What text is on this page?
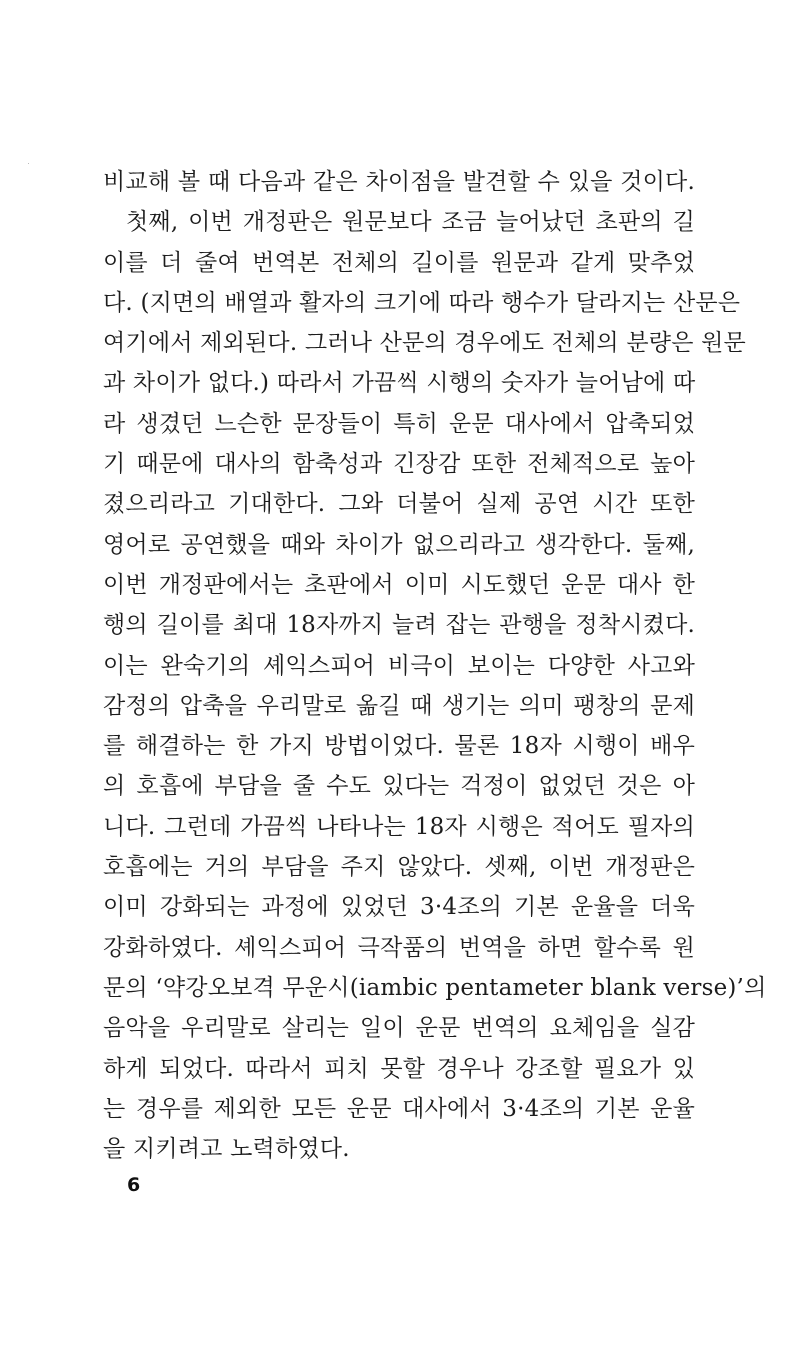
비교해 볼 때 다음과 같은 차이점을 발견할 수 있을 것이다.
첫째, 이번 개정판은 원문보다 조금 늘어났던 초판의 길
이를 더 줄여 번역본 전체의 길이를 원문과 같게 맞추었
다. (지면의 배열과 활자의 크기에 따라 행수가 달라지는 산문은
여기에서 제외된다. 그러나 산문의 경우에도 전체의 분량은 원문
과 차이가 없다.) 따라서 가끔씩 시행의 숫자가 늘어남에 따
라 생겼던 느슨한 문장들이 특히 운문 대사에서 압축되었
기 때문에 대사의 함축성과 긴장감 또한 전체적으로 높아
졌으리라고 기대한다. 그와 더불어 실제 공연 시간 또한
영어로 공연했을 때와 차이가 없으리라고 생각한다. 둘째,
이번 개정판에서는 초판에서 이미 시도했던 운문 대사 한
행의 길이를 최대 18자까지 늘려 잡는 관행을 정착시켰다.
이는 완숙기의 셰익스피어 비극이 보이는 다양한 사고와
감정의 압축을 우리말로 옮길 때 생기는 의미 팽창의 문제
를 해결하는 한 가지 방법이었다. 물론 18자 시행이 배우
의 호흡에 부담을 줄 수도 있다는 걱정이 없었던 것은 아
니다. 그런데 가끔씩 나타나는 18자 시행은 적어도 필자의
호흡에는 거의 부담을 주지 않았다. 셋째, 이번 개정판은
이미 강화되는 과정에 있었던 3·4조의 기본 운율을 더욱
강화하였다. 셰익스피어 극작품의 번역을 하면 할수록 원
문의 ‘약강오보격 무운시(iambic pentameter blank verse)’의
음악을 우리말로 살리는 일이 운문 번역의 요체임을 실감
하게 되었다. 따라서 피치 못할 경우나 강조할 필요가 있
는 경우를 제외한 모든 운문 대사에서 3·4조의 기본 운율
을 지키려고 노력하였다.
6
